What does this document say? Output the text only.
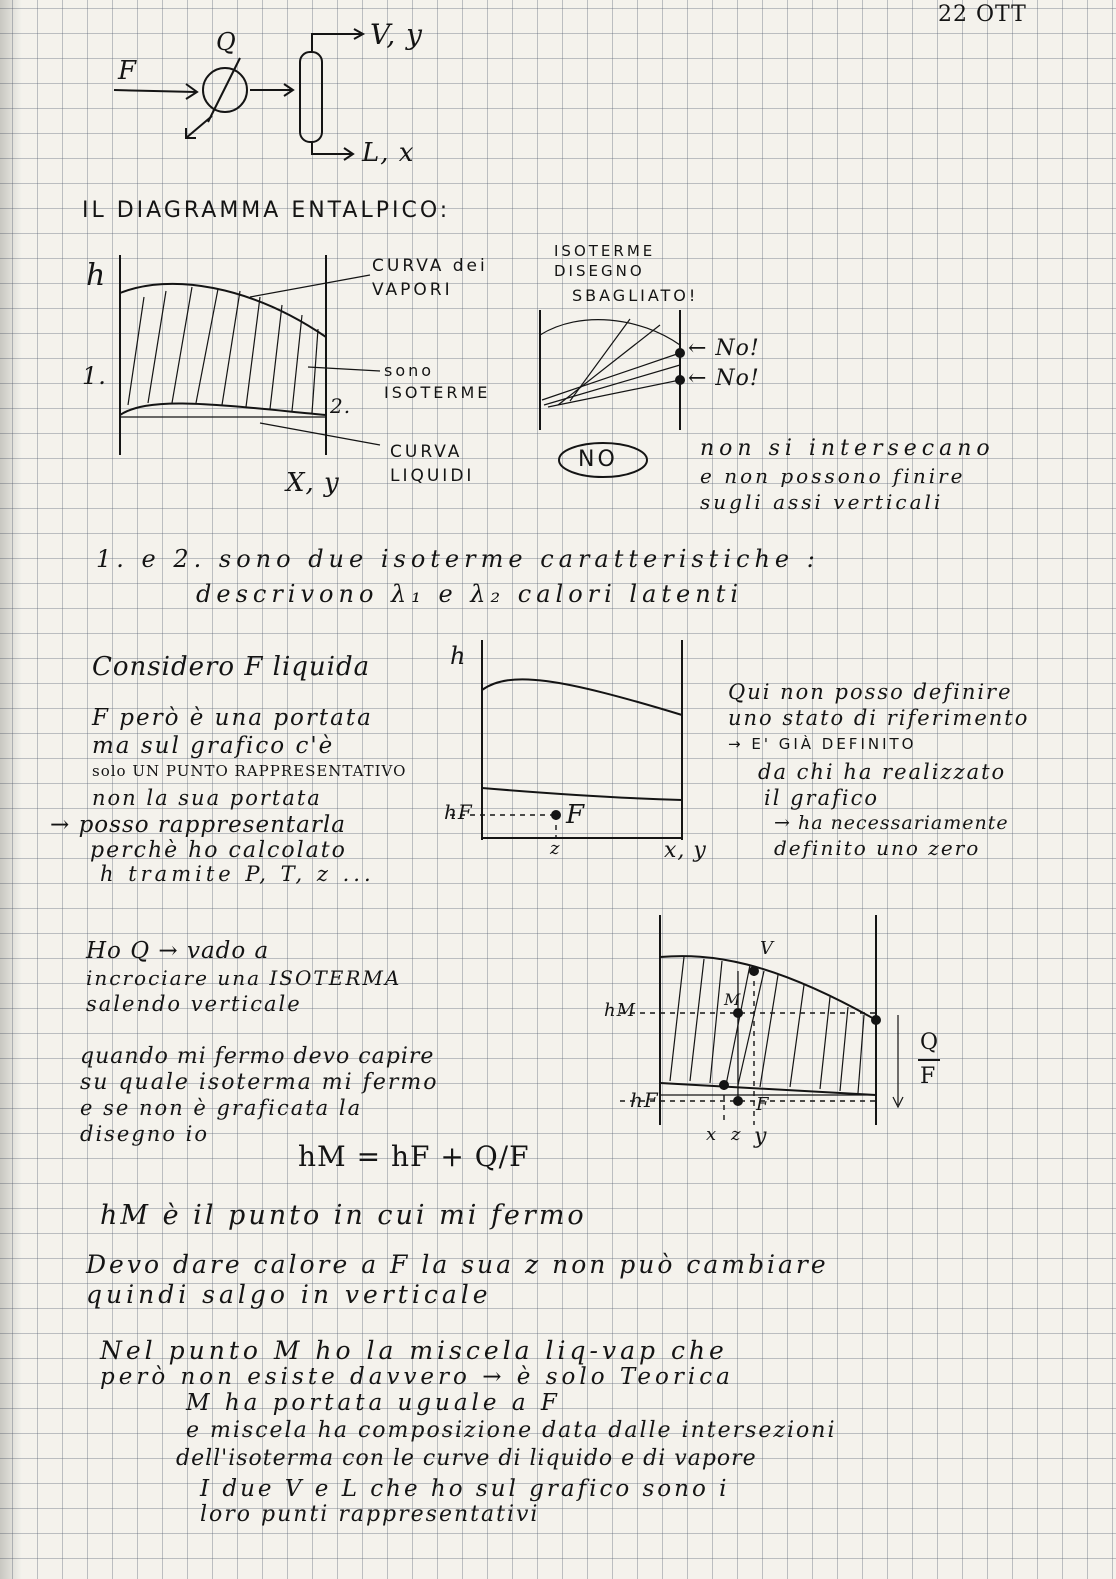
22 OTT
F
Q	V, y
L, x
IL DIAGRAMMA ENTALPICO:
h
1.
2.
X, y
CURVA dei VAPORI
sono ISOTERME
CURVA LIQUIDI
ISOTERME
DISEGNO
SBAGLIATO!
← No!
← No!
NO	non si intersecano
e non possono finire
sugli assi verticali
1. e 2. sono due isoterme caratteristiche :
descrivono λ₁ e λ₂ calori latenti
Considero F liquida
F però è una portata
ma sul grafico c'è
solo UN PUNTO RAPPRESENTATIVO
non la sua portata
→ posso rappresentarla
perchè ho calcolato
h tramite P, T, z ...
h
hF	F
z	x, y
Qui non posso definire
uno stato di riferimento
→ E' GIÀ DEFINITO
da chi ha realizzato
il grafico
→ ha necessariamente
definito uno zero
Ho Q → vado a
incrociare una ISOTERMA
salendo verticale
quando mi fermo devo capire
su quale isoterma mi fermo
e se non è graficata la
disegno io
hM = hF + Q/F
V
M
hM
hF	F
x z y
Q
F
hM è il punto in cui mi fermo
Devo dare calore a F la sua z non può cambiare
quindi salgo in verticale
Nel punto M ho la miscela liq-vap che
però non esiste davvero → è solo Teorica
M ha portata uguale a F
e miscela ha composizione data dalle intersezioni
dell'isoterma con le curve di liquido e di vapore
I due V e L che ho sul grafico sono i
loro punti rappresentativi
